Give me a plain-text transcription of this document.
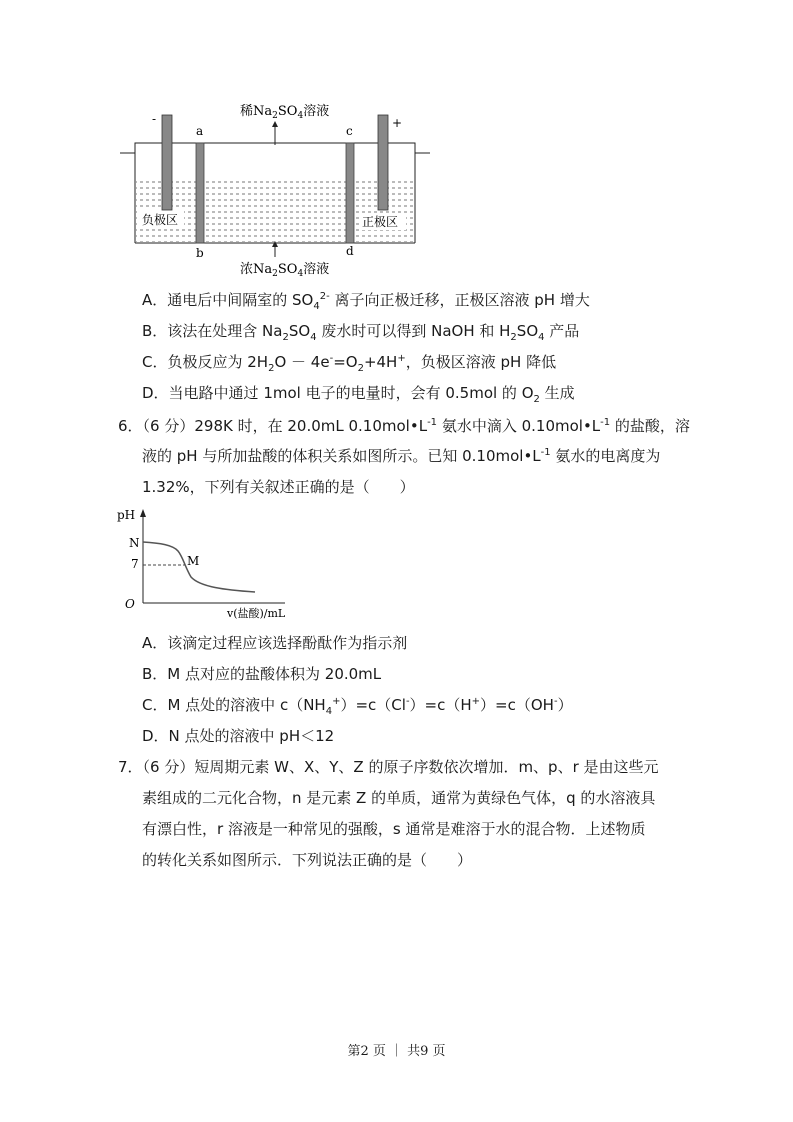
稀$Na_2SO_4$溶液
-	+
a	c
b	d
负极区	正极区
浓$Na_2SO_4$溶液
A．通电后中间隔室的 $SO_4^{2-}$ 离子向正极迁移，正极区溶液 pH 增大
B．该法在处理含 $Na_2SO_4$ 废水时可以得到 NaOH 和 $H_2SO_4$ 产品
C．负极反应为 $2H_2O - 4e^-=O_2+4H^+$，负极区溶液 pH 降低
D．当电路中通过 1mol 电子的电量时，会有 0.5mol 的 $O_2$ 生成
6．（6 分）298K 时，在 20.0mL $0.10mol•L^{-1}$ 氨水中滴入 $0.10mol•L^{-1}$ 的盐酸，溶
液的 pH 与所加盐酸的体积关系如图所示。已知 $0.10mol•L^{-1}$ 氨水的电离度为
1.32%，下列有关叙述正确的是（　　）
pH
N
7
O
v(盐酸)/mL
M
A．该滴定过程应该选择酚酞作为指示剂
B．M 点对应的盐酸体积为 20.0mL
C．M 点处的溶液中 $c(NH_4^+)=c(Cl^-)=c(H^+)=c(OH^-)$
D．N 点处的溶液中 pH＜12
7．（6 分）短周期元素 W、X、Y、Z 的原子序数依次增加．m、p、r 是由这些元
素组成的二元化合物，n 是元素 Z 的单质，通常为黄绿色气体，q 的水溶液具
有漂白性，r 溶液是一种常见的强酸，s 通常是难溶于水的混合物．上述物质
的转化关系如图所示．下列说法正确的是（　　）
第2 页 ｜ 共9 页
